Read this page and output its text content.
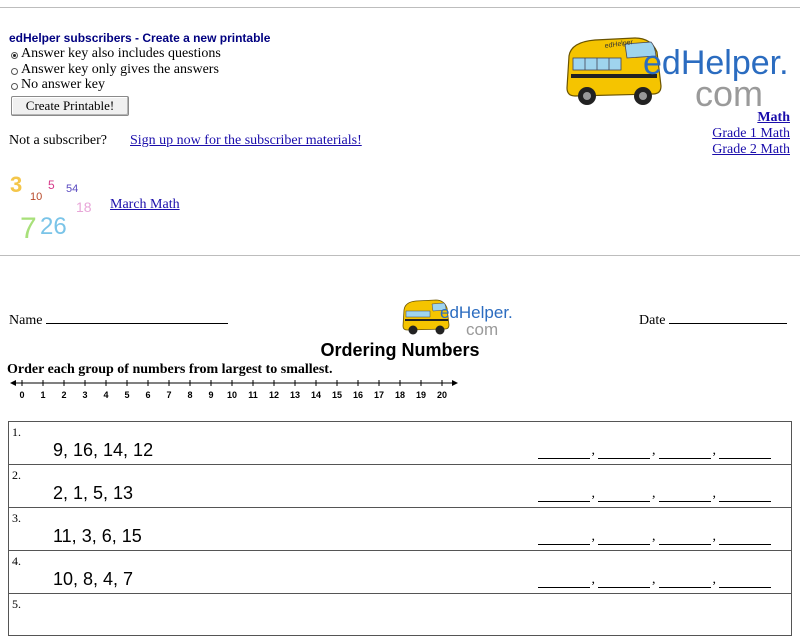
edHelper subscribers - Create a new printable
Answer key also includes questions
Answer key only gives the answers
No answer key
Create Printable!
Not a subscriber? Sign up now for the subscriber materials!
3 10
5 54
18
7 26
March Math
edHelper edHelper.
com
Math
Grade 1 Math
Grade 2 Math
Name	edHelper.
com	Date
Ordering Numbers
Order each group of numbers from largest to smallest.
0 1 2 3 4 5 6 7 8 9 10 11 12 13 14 15 16 17 18 19 20
1.
9, 16, 14, 12	,	,	,
2.
2, 1, 5, 13	,	,	,
3.
11, 3, 6, 15	,	,	,
4.
10, 8, 4, 7	,	,	,
5.
